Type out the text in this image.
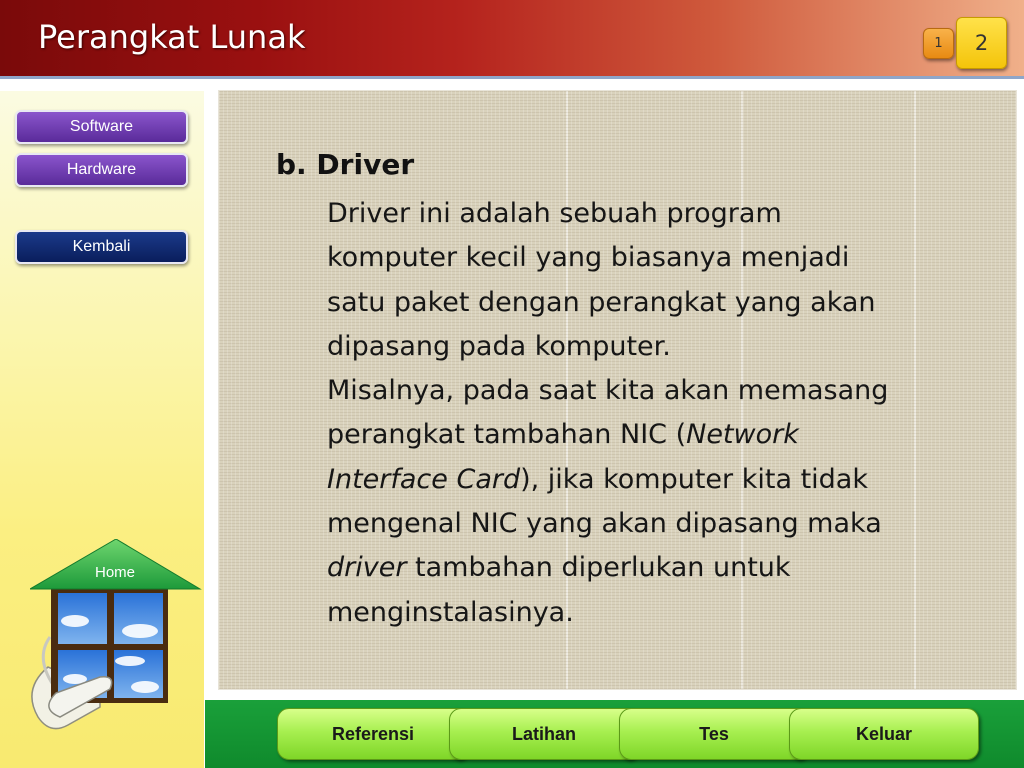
Perangkat Lunak	1	2
Software
Hardware
Kembali
Home
b. Driver
Driver ini adalah sebuah program
komputer kecil yang biasanya menjadi
satu paket dengan perangkat yang akan
dipasang pada komputer.
Misalnya, pada saat kita akan memasang
perangkat tambahan NIC (Network
Interface Card), jika komputer kita tidak
mengenal NIC yang akan dipasang maka
driver tambahan diperlukan untuk
menginstalasinya.
Referensi	Latihan	Tes	Keluar
